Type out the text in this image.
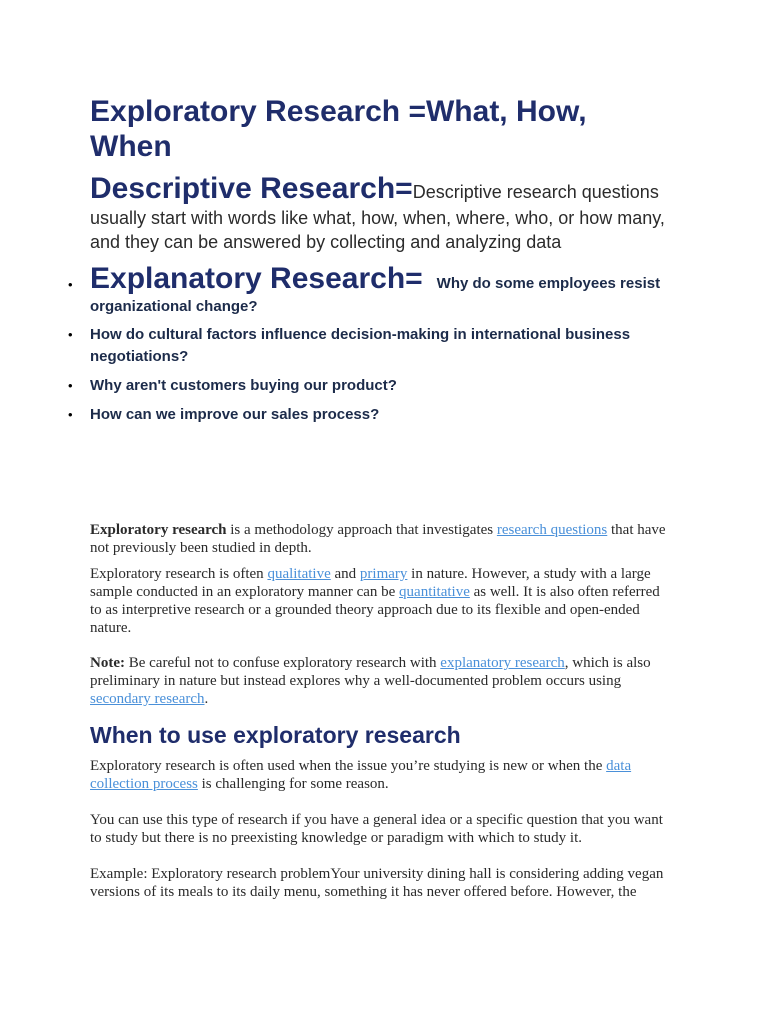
Exploratory Research =What, How, When

Descriptive Research=Descriptive research questions usually start with words like what, how, when, where, who, or how many, and they can be answered by collecting and analyzing data

• Explanatory Research= Why do some employees resist organizational change?
• How do cultural factors influence decision-making in international business negotiations?
• Why aren't customers buying our product?
• How can we improve our sales process?

Exploratory research is a methodology approach that investigates research questions that have not previously been studied in depth.

Exploratory research is often qualitative and primary in nature. However, a study with a large sample conducted in an exploratory manner can be quantitative as well. It is also often referred to as interpretive research or a grounded theory approach due to its flexible and open-ended nature.

Note: Be careful not to confuse exploratory research with explanatory research, which is also preliminary in nature but instead explores why a well-documented problem occurs using secondary research.

When to use exploratory research

Exploratory research is often used when the issue you’re studying is new or when the data collection process is challenging for some reason.

You can use this type of research if you have a general idea or a specific question that you want to study but there is no preexisting knowledge or paradigm with which to study it.

Example: Exploratory research problemYour university dining hall is considering adding vegan versions of its meals to its daily menu, something it has never offered before. However, the
